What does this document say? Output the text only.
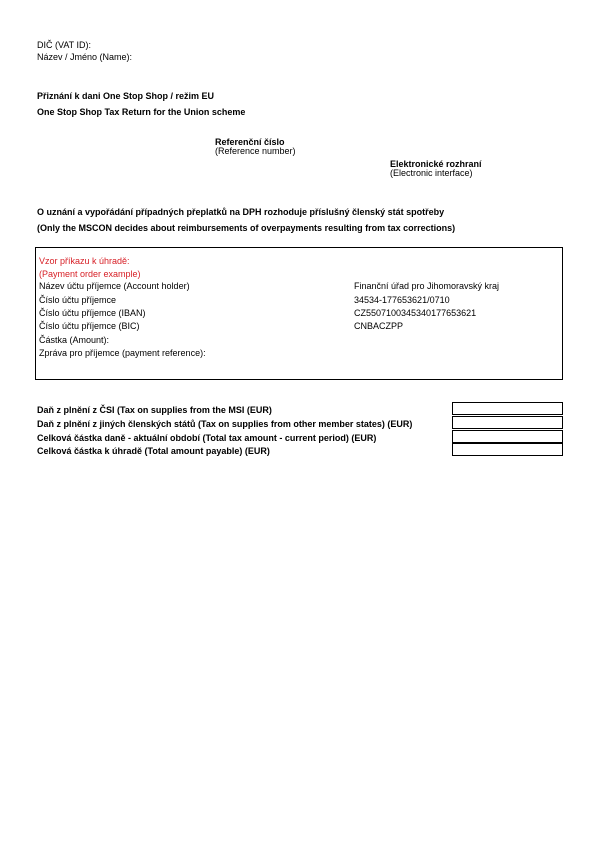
DIČ (VAT ID):
Název / Jméno (Name):
Přiznání k dani One Stop Shop / režim EU
One Stop Shop Tax Return for the Union scheme
Referenční číslo
(Reference number)
Elektronické rozhraní
(Electronic interface)
O uznání a vypořádání případných přeplatků na DPH rozhoduje příslušný členský stát spotřeby
(Only the MSCON decides about reimbursements of overpayments resulting from tax corrections)
Vzor příkazu k úhradě:
(Payment order example)
Název účtu příjemce (Account holder)	Finanční úřad pro Jihomoravský kraj
Číslo účtu příjemce	34534-177653621/0710
Číslo účtu příjemce (IBAN)	CZ5507100345340177653621
Číslo účtu příjemce (BIC)	CNBACZPP
Částka (Amount):
Zpráva pro příjemce (payment reference):
Daň z plnění z ČSI (Tax on supplies from the MSI (EUR)
Daň z plnění z jiných členských států (Tax on supplies from other member states) (EUR)
Celková částka daně - aktuální období (Total tax amount - current period) (EUR)
Celková částka k úhradě (Total amount payable) (EUR)
